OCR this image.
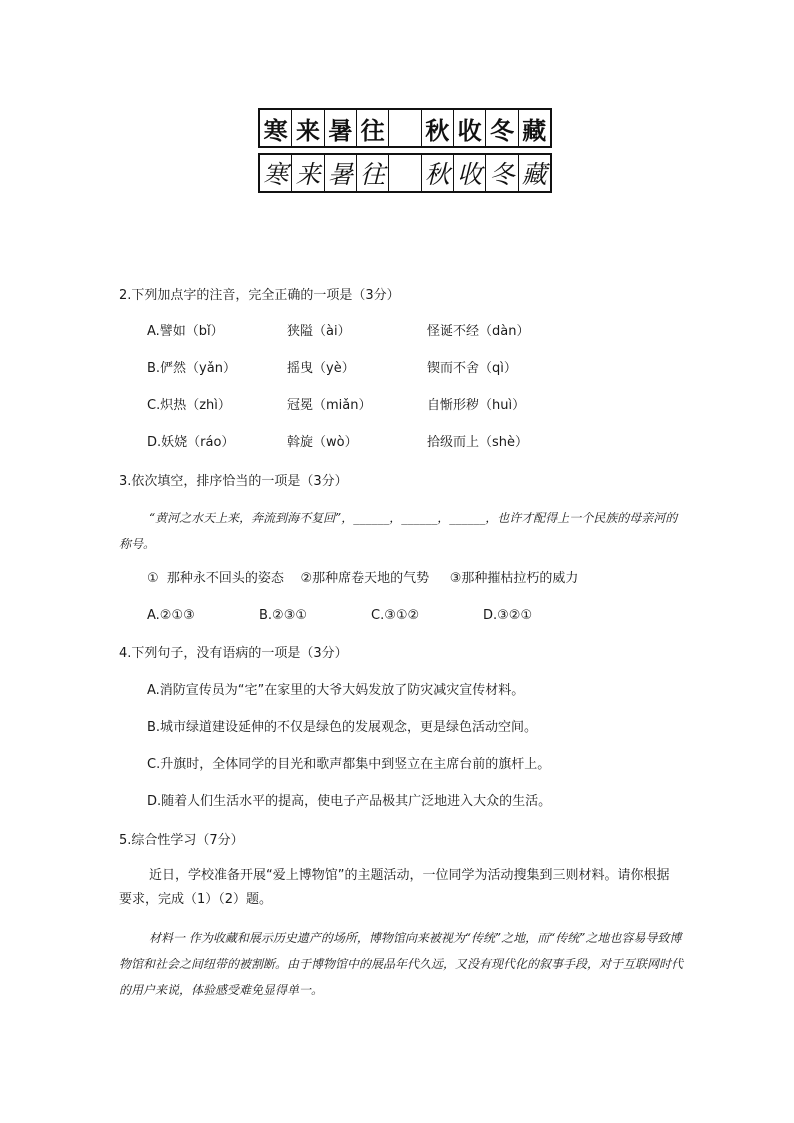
寒 来 暑 往 秋 收 冬 藏
寒 来 暑 往 秋 收 冬 藏
2.下列加点字的注音，完全正确的一项是（3分）
A.譬如（bǐ）	狭隘（ài）	怪诞不经（dàn）
B.俨然（yǎn）	摇曳（yè）	锲而不舍（qì）
C.炽热（zhì）	冠冕（miǎn）	自惭形秽（huì）
D.妖娆（ráo）	斡旋（wò）	拾级而上（shè）
3.依次填空，排序恰当的一项是（3分）
“黄河之水天上来，奔流到海不复回”，______，______，______，也许才配得上一个民族的母亲河的称号。
①  那种永不回头的姿态    ②那种席卷天地的气势     ③那种摧枯拉朽的威力
A.②①③	B.②③①	C.③①②	D.③②①
4.下列句子，没有语病的一项是（3分）
A.消防宣传员为“宅”在家里的大爷大妈发放了防灾减灾宣传材料。
B.城市绿道建设延伸的不仅是绿色的发展观念，更是绿色活动空间。
C.升旗时，全体同学的目光和歌声都集中到竖立在主席台前的旗杆上。
D.随着人们生活水平的提高，使电子产品极其广泛地进入大众的生活。
5.综合性学习（7分）
近日，学校准备开展“爱上博物馆”的主题活动，一位同学为活动搜集到三则材料。请你根据要求，完成（1）（2）题。
材料一 作为收藏和展示历史遗产的场所，博物馆向来被视为“传统”之地，而“传统”之地也容易导致博物馆和社会之间纽带的被割断。由于博物馆中的展品年代久远，又没有现代化的叙事手段，对于互联网时代的用户来说，体验感受难免显得单一。
